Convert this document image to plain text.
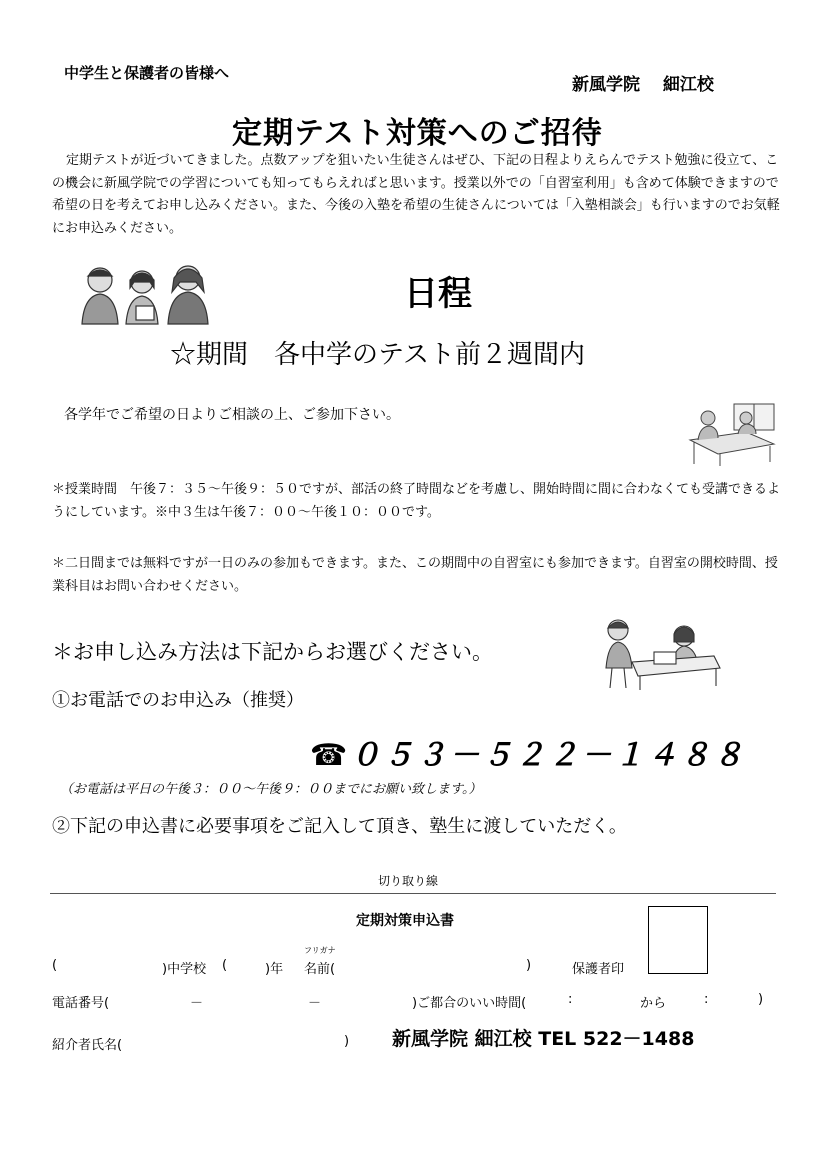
中学生と保護者の皆様へ
新風学院　 細江校
定期テスト対策へのご招待
定期テストが近づいてきました。点数アップを狙いたい生徒さんはぜひ、下記の日程よりえらんでテスト勉強に役立て、この機会に新風学院での学習についても知ってもらえればと思います。授業以外での「自習室利用」も含めて体験できますので希望の日を考えてお申し込みください。また、今後の入塾を希望の生徒さんについては「入塾相談会」も行いますのでお気軽にお申込みください。
日程
☆期間　各中学のテスト前２週間内
各学年でご希望の日よりご相談の上、ご参加下さい。
＊授業時間　午後７：３５～午後９：５０ですが、部活の終了時間などを考慮し、開始時間に間に合わなくても受講できるようにしています。※中３生は午後７：００～午後１０：００です。
＊二日間までは無料ですが一日のみの参加もできます。また、この期間中の自習室にも参加できます。自習室の開校時間、授業科目はお問い合わせください。
＊お申し込み方法は下記からお選びください。
①お電話でのお申込み（推奨）
☎０５３－５２２－１４８８
（お電話は平日の午後３：００～午後９：００までにお願い致します。）
②下記の申込書に必要事項をご記入して頂き、塾生に渡していただく。
切り取り線
定期対策申込書
(	)中学校 (	)年
フリガナ
名前(	)	保護者印
電話番号(	－	－	)ご都合のいい時間(	:	から	:	)
紹介者氏名(	) 新風学院 細江校 TEL 522－1488
